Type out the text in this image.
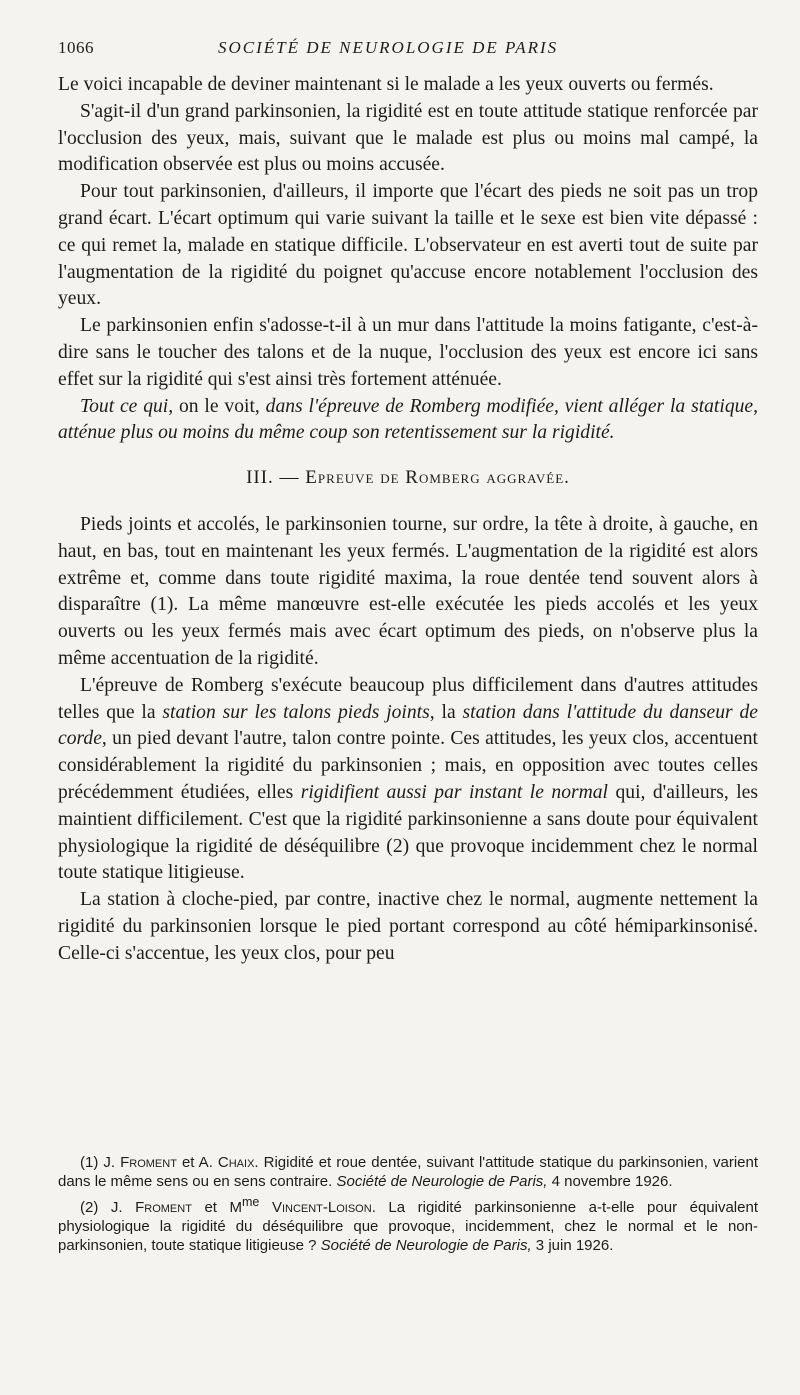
1066	SOCIÉTÉ DE NEUROLOGIE DE PARIS

Le voici incapable de deviner maintenant si le malade a les yeux ouverts ou fermés.

S'agit-il d'un grand parkinsonien, la rigidité est en toute attitude statique renforcée par l'occlusion des yeux, mais, suivant que le malade est plus ou moins mal campé, la modification observée est plus ou moins accusée.

Pour tout parkinsonien, d'ailleurs, il importe que l'écart des pieds ne soit pas un trop grand écart. L'écart optimum qui varie suivant la taille et le sexe est bien vite dépassé : ce qui remet la, malade en statique difficile. L'observateur en est averti tout de suite par l'augmentation de la rigidité du poignet qu'accuse encore notablement l'occlusion des yeux.

Le parkinsonien enfin s'adosse-t-il à un mur dans l'attitude la moins fatigante, c'est-à-dire sans le toucher des talons et de la nuque, l'occlusion des yeux est encore ici sans effet sur la rigidité qui s'est ainsi très fortement atténuée.

Tout ce qui, on le voit, dans l'épreuve de Romberg modifiée, vient alléger la statique, atténue plus ou moins du même coup son retentissement sur la rigidité.

III. — Epreuve de Romberg aggravée.

Pieds joints et accolés, le parkinsonien tourne, sur ordre, la tête à droite, à gauche, en haut, en bas, tout en maintenant les yeux fermés. L'augmentation de la rigidité est alors extrême et, comme dans toute rigidité maxima, la roue dentée tend souvent alors à disparaître (1). La même manœuvre est-elle exécutée les pieds accolés et les yeux ouverts ou les yeux fermés mais avec écart optimum des pieds, on n'observe plus la même accentuation de la rigidité.

L'épreuve de Romberg s'exécute beaucoup plus difficilement dans d'autres attitudes telles que la station sur les talons pieds joints, la station dans l'attitude du danseur de corde, un pied devant l'autre, talon contre pointe. Ces attitudes, les yeux clos, accentuent considérablement la rigidité du parkinsonien ; mais, en opposition avec toutes celles précédemment étudiées, elles rigidifient aussi par instant le normal qui, d'ailleurs, les maintient difficilement. C'est que la rigidité parkinsonienne a sans doute pour équivalent physiologique la rigidité de déséquilibre (2) que provoque incidemment chez le normal toute statique litigieuse.

La station à cloche-pied, par contre, inactive chez le normal, augmente nettement la rigidité du parkinsonien lorsque le pied portant correspond au côté hémiparkinsonisé. Celle-ci s'accentue, les yeux clos, pour peu

(1) J. Froment et A. Chaix. Rigidité et roue dentée, suivant l'attitude statique du parkinsonien, varient dans le même sens ou en sens contraire. Société de Neurologie de Paris, 4 novembre 1926.

(2) J. Froment et $M^{me}$ Vincent-Loison. La rigidité parkinsonienne a-t-elle pour équivalent physiologique la rigidité du déséquilibre que provoque, incidemment, chez le normal et le non-parkinsonien, toute statique litigieuse ? Société de Neurologie de Paris, 3 juin 1926.
